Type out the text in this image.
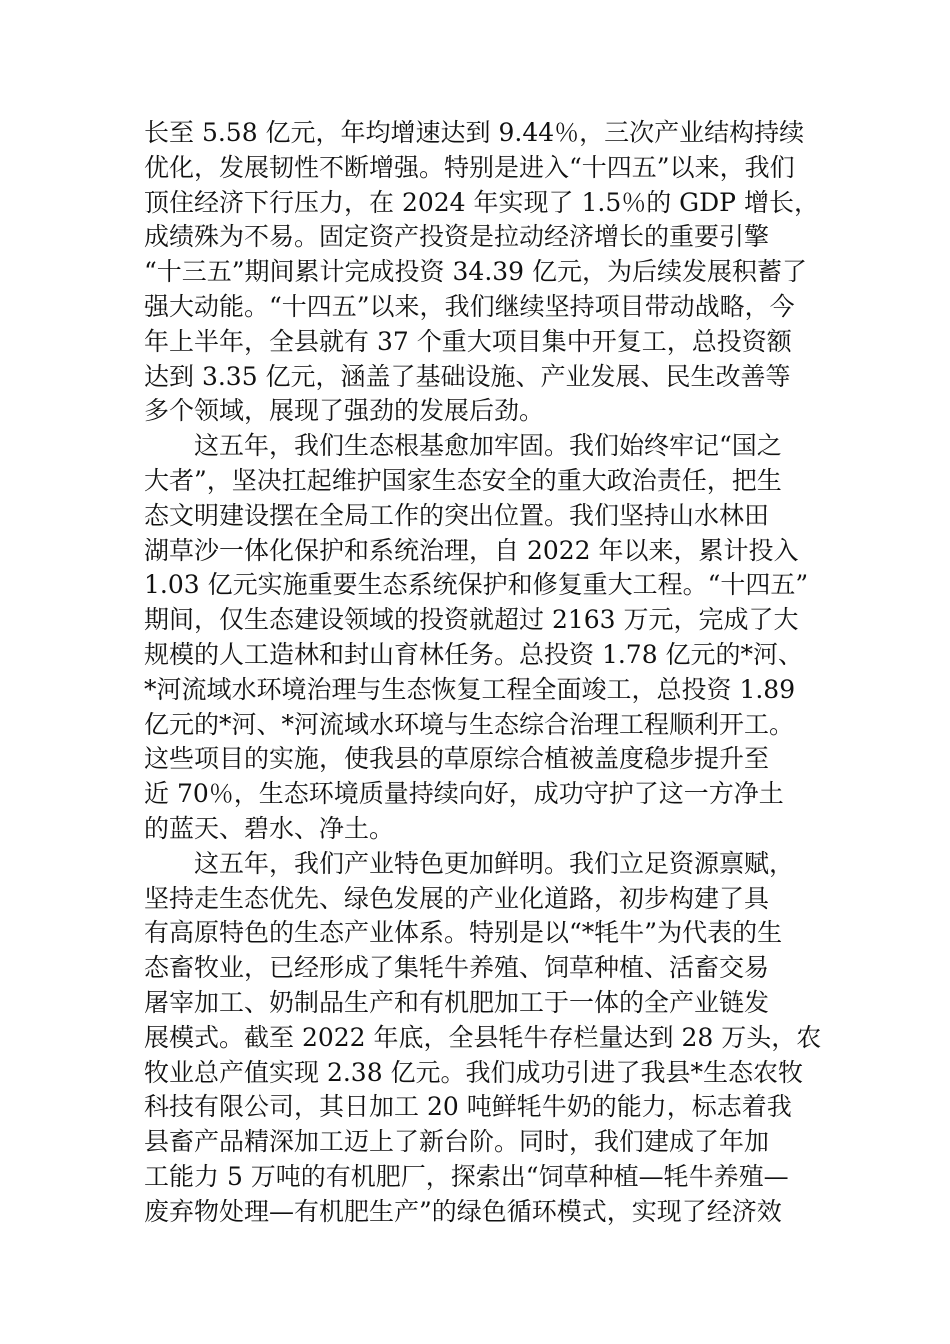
长至 5.58 亿元，年均增速达到 9.44％，三次产业结构持续
优化，发展韧性不断增强。特别是进入“十四五”以来，我们
顶住经济下行压力，在 2024 年实现了 1.5％的 GDP 增长，
成绩殊为不易。固定资产投资是拉动经济增长的重要引擎
“十三五”期间累计完成投资 34.39 亿元，为后续发展积蓄了
强大动能。“十四五”以来，我们继续坚持项目带动战略，今
年上半年，全县就有 37 个重大项目集中开复工，总投资额
达到 3.35 亿元，涵盖了基础设施、产业发展、民生改善等
多个领域，展现了强劲的发展后劲。
这五年，我们生态根基愈加牢固。我们始终牢记“国之
大者”，坚决扛起维护国家生态安全的重大政治责任，把生
态文明建设摆在全局工作的突出位置。我们坚持山水林田
湖草沙一体化保护和系统治理，自 2022 年以来，累计投入
1.03 亿元实施重要生态系统保护和修复重大工程。“十四五”
期间，仅生态建设领域的投资就超过 2163 万元，完成了大
规模的人工造林和封山育林任务。总投资 1.78 亿元的*河、
*河流域水环境治理与生态恢复工程全面竣工，总投资 1.89
亿元的*河、*河流域水环境与生态综合治理工程顺利开工。
这些项目的实施，使我县的草原综合植被盖度稳步提升至
近 70％，生态环境质量持续向好，成功守护了这一方净土
的蓝天、碧水、净土。
这五年，我们产业特色更加鲜明。我们立足资源禀赋，
坚持走生态优先、绿色发展的产业化道路，初步构建了具
有高原特色的生态产业体系。特别是以“*牦牛”为代表的生
态畜牧业，已经形成了集牦牛养殖、饲草种植、活畜交易
屠宰加工、奶制品生产和有机肥加工于一体的全产业链发
展模式。截至 2022 年底，全县牦牛存栏量达到 28 万头，农
牧业总产值实现 2.38 亿元。我们成功引进了我县*生态农牧
科技有限公司，其日加工 20 吨鲜牦牛奶的能力，标志着我
县畜产品精深加工迈上了新台阶。同时，我们建成了年加
工能力 5 万吨的有机肥厂，探索出“饲草种植—牦牛养殖—
废弃物处理—有机肥生产”的绿色循环模式，实现了经济效
